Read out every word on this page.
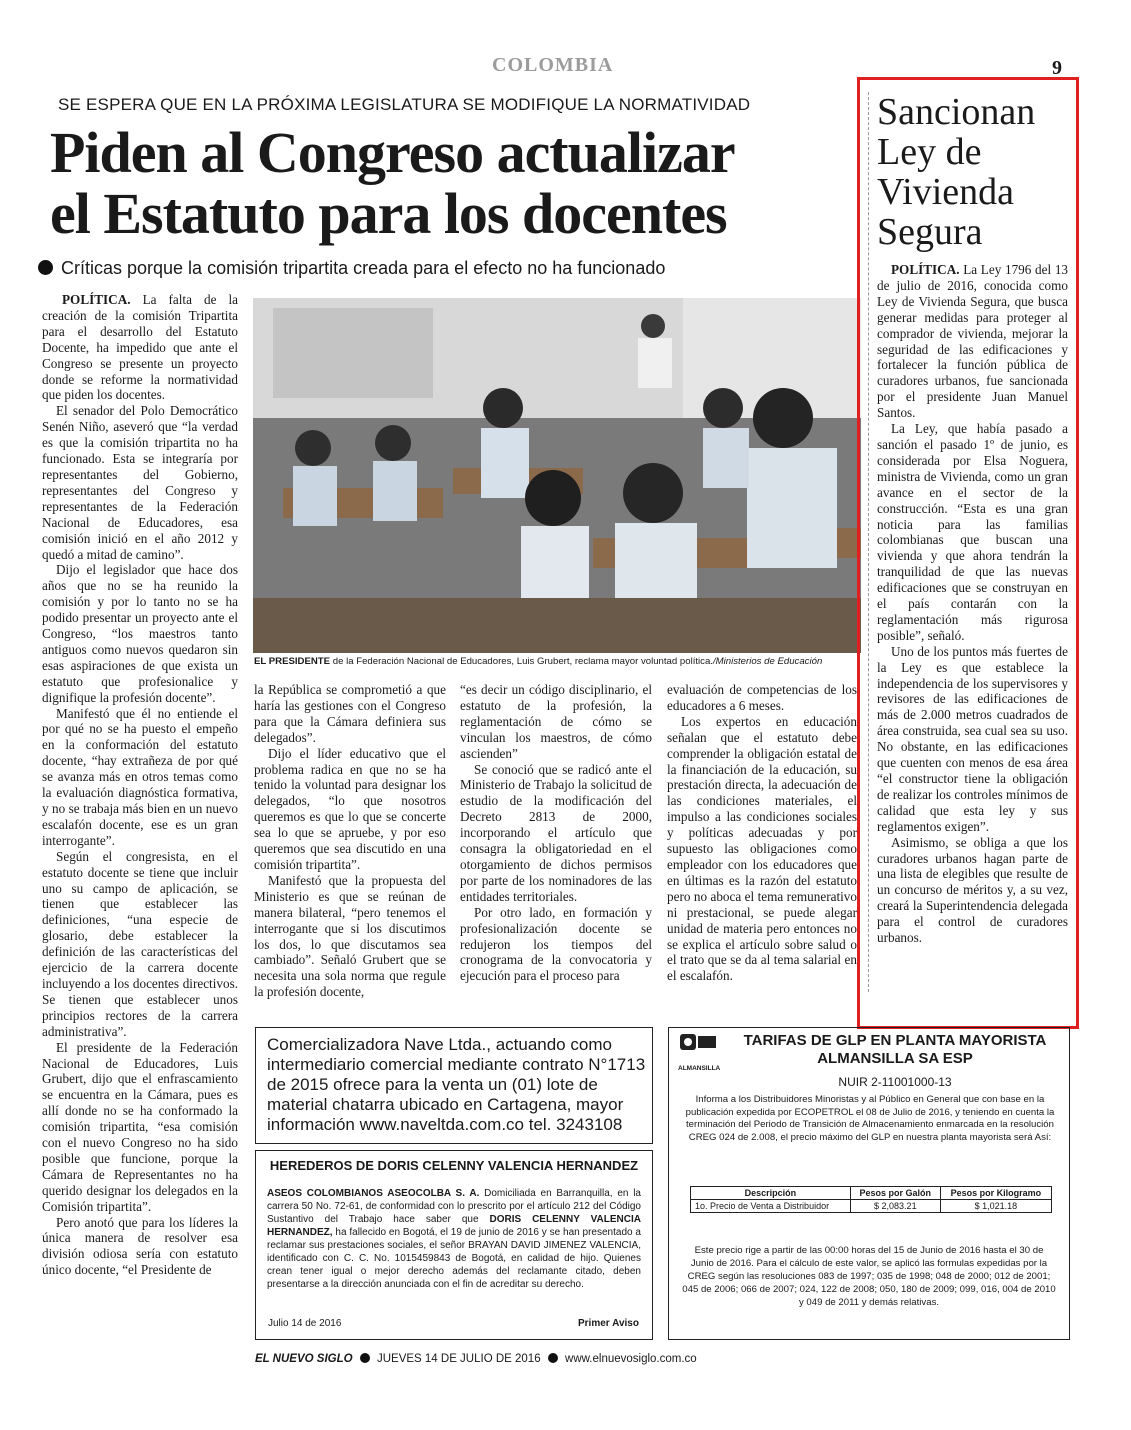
COLOMBIA	9
SE ESPERA QUE EN LA PRÓXIMA LEGISLATURA SE MODIFIQUE LA NORMATIVIDAD
Piden al Congreso actualizar
el Estatuto para los docentes
Críticas porque la comisión tripartita creada para el efecto no ha funcionado

POLÍTICA. La falta de la creación de la comisión Tripartita para el desarrollo del Estatuto Docente, ha impedido que ante el Congreso se presente un proyecto donde se reforme la normatividad que piden los docentes.

El senador del Polo Democrático Senén Niño, aseveró que “la verdad es que la comisión tripartita no ha funcionado. Esta se integraría por representantes del Gobierno, representantes del Congreso y representantes de la Federación Nacional de Educadores, esa comisión inició en el año 2012 y quedó a mitad de camino”.

Dijo el legislador que hace dos años que no se ha reunido la comisión y por lo tanto no se ha podido presentar un proyecto ante el Congreso, “los maestros tanto antiguos como nuevos quedaron sin esas aspiraciones de que exista un estatuto que profesionalice y dignifique la profesión docente”.

Manifestó que él no entiende el por qué no se ha puesto el empeño en la conformación del estatuto docente, “hay extrañeza de por qué se avanza más en otros temas como la evaluación diagnóstica formativa, y no se trabaja más bien en un nuevo escalafón docente, ese es un gran interrogante”.

Según el congresista, en el estatuto docente se tiene que incluir uno su campo de aplicación, se tienen que establecer las definiciones, “una especie de glosario, debe establecer la definición de las características del ejercicio de la carrera docente incluyendo a los docentes directivos. Se tienen que establecer unos principios rectores de la carrera administrativa”.

El presidente de la Federación Nacional de Educadores, Luis Grubert, dijo que el enfrascamiento se encuentra en la Cámara, pues es allí donde no se ha conformado la comisión tripartita, “esa comisión con el nuevo Congreso no ha sido posible que funcione, porque la Cámara de Representantes no ha querido designar los delegados en la Comisión tripartita”.

Pero anotó que para los líderes la única manera de resolver esa división odiosa sería con estatuto único docente, “el Presidente de

EL PRESIDENTE de la Federación Nacional de Educadores, Luis Grubert, reclama mayor voluntad política./Ministerios de Educación

la República se comprometió a que haría las gestiones con el Congreso para que la Cámara definiera sus delegados”.

Dijo el líder educativo que el problema radica en que no se ha tenido la voluntad para designar los delegados, “lo que nosotros queremos es que lo que se concerte sea lo que se apruebe, y por eso queremos que sea discutido en una comisión tripartita”.

Manifestó que la propuesta del Ministerio es que se reúnan de manera bilateral, “pero tenemos el interrogante que si los discutimos los dos, lo que discutamos sea cambiado”. Señaló Grubert que se necesita una sola norma que regule la profesión docente,

“es decir un código disciplinario, el estatuto de la profesión, la reglamentación de cómo se vinculan los maestros, de cómo ascienden”

Se conoció que se radicó ante el Ministerio de Trabajo la solicitud de estudio de la modificación del Decreto 2813 de 2000, incorporando el artículo que consagra la obligatoriedad en el otorgamiento de dichos permisos por parte de los nominadores de las entidades territoriales.

Por otro lado, en formación y profesionalización docente se redujeron los tiempos del cronograma de la convocatoria y ejecución para el proceso para

evaluación de competencias de los educadores a 6 meses.

Los expertos en educación señalan que el estatuto debe comprender la obligación estatal de la financiación de la educación, su prestación directa, la adecuación de las condiciones materiales, el impulso a las condiciones sociales y políticas adecuadas y por supuesto las obligaciones como empleador con los educadores que en últimas es la razón del estatuto pero no aboca el tema remunerativo ni prestacional, se puede alegar unidad de materia pero entonces no se explica el artículo sobre salud o el trato que se da al tema salarial en el escalafón.

Sancionan Ley de Vivienda Segura

POLÍTICA. La Ley 1796 del 13 de julio de 2016, conocida como Ley de Vivienda Segura, que busca generar medidas para proteger al comprador de vivienda, mejorar la seguridad de las edificaciones y fortalecer la función pública de curadores urbanos, fue sancionada por el presidente Juan Manuel Santos.

La Ley, que había pasado a sanción el pasado 1º de junio, es considerada por Elsa Noguera, ministra de Vivienda, como un gran avance en el sector de la construcción. “Esta es una gran noticia para las familias colombianas que buscan una vivienda y que ahora tendrán la tranquilidad de que las nuevas edificaciones que se construyan en el país contarán con la reglamentación más rigurosa posible”, señaló.

Uno de los puntos más fuertes de la Ley es que establece la independencia de los supervisores y revisores de las edificaciones de más de 2.000 metros cuadrados de área construida, sea cual sea su uso. No obstante, en las edificaciones que cuenten con menos de esa área “el constructor tiene la obligación de realizar los controles mínimos de calidad que esta ley y sus reglamentos exigen”.

Asimismo, se obliga a que los curadores urbanos hagan parte de una lista de elegibles que resulte de un concurso de méritos y, a su vez, creará la Superintendencia delegada para el control de curadores urbanos.

Comercializadora Nave Ltda., actuando como intermediario comercial mediante contrato N°1713 de 2015 ofrece para la venta un (01) lote de material chatarra ubicado en Cartagena, mayor información www.naveltda.com.co tel. 3243108
HEREDEROS DE DORIS CELENNY VALENCIA HERNANDEZ
ASEOS COLOMBIANOS ASEOCOLBA S. A. Domiciliada en Barranquilla, en la carrera 50 No. 72-61, de conformidad con lo prescrito por el artículo 212 del Código Sustantivo del Trabajo hace saber que DORIS CELENNY VALENCIA HERNANDEZ, ha fallecido en Bogotá, el 19 de junio de 2016 y se han presentado a reclamar sus prestaciones sociales, el señor BRAYAN DAVID JIMENEZ VALENCIA, identificado con C. C. No. 1015459843 de Bogotá, en calidad de hijo. Quienes crean tener igual o mejor derecho además del reclamante citado, deben presentarse a la dirección anunciada con el fin de acreditar su derecho.
Julio 14 de 2016	Primer Aviso
ALMANSILLA
TARIFAS DE GLP EN PLANTA MAYORISTA
ALMANSILLA SA ESP
NUIR 2-11001000-13
Informa a los Distribuidores Minoristas y al Público en General que con base en la publicación expedida por ECOPETROL el 08 de Julio de 2016, y teniendo en cuenta la terminación del Periodo de Transición de Almacenamiento enmarcada en la resolución CREG 024 de 2.008, el precio máximo del GLP en nuestra planta mayorista será Así:
Descripción	Pesos por Galón	Pesos por Kilogramo
1o. Precio de Venta a Distribuidor	$ 2,083.21	$ 1,021.18
Este precio rige a partir de las 00:00 horas del 15 de Junio de 2016 hasta el 30 de Junio de 2016. Para el cálculo de este valor, se aplicó las formulas expedidas por la CREG según las resoluciones 083 de 1997; 035 de 1998; 048 de 2000; 012 de 2001; 045 de 2006; 066 de 2007; 024, 122 de 2008; 050, 180 de 2009; 099, 016, 004 de 2010 y 049 de 2011 y demás relativas.
EL NUEVO SIGLO JUEVES 14 DE JULIO DE 2016 www.elnuevosiglo.com.co
